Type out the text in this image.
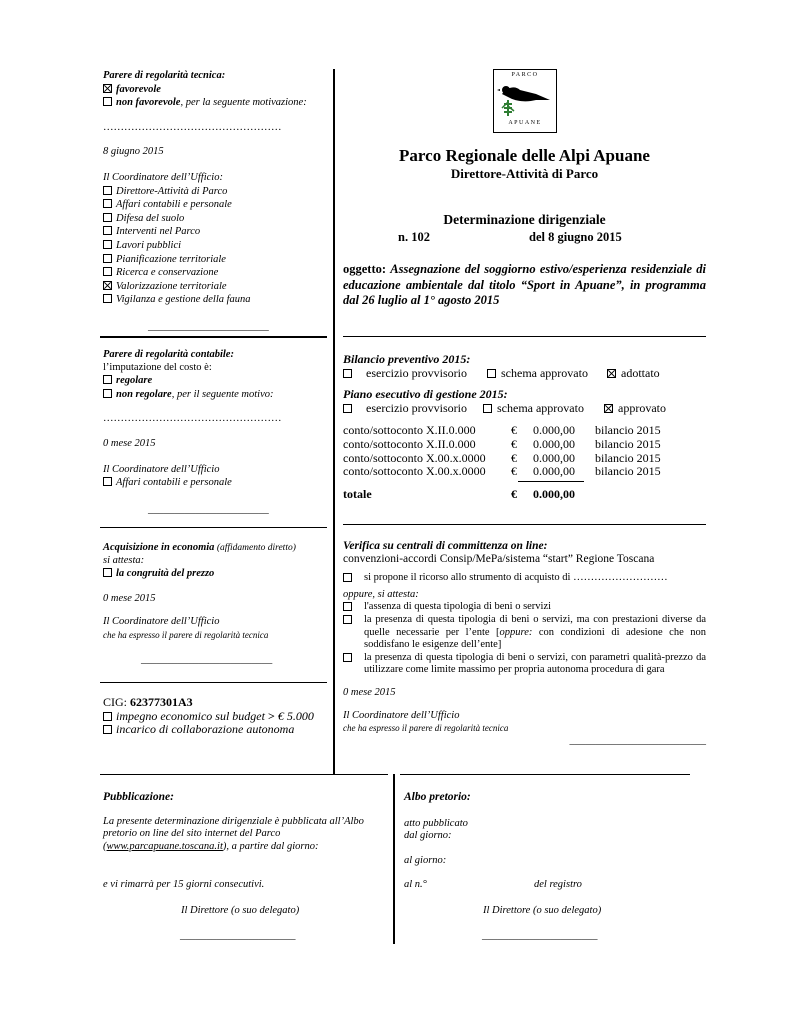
Parere di regolarità tecnica:
favorevole
non favorevole, per la seguente motivazione:
……………………………………………
8 giugno 2015
Il Coordinatore dell’Ufficio:
Direttore-Attività di Parco
Affari contabili e personale
Difesa del suolo
Interventi nel Parco
Lavori pubblici
Pianificazione territoriale
Ricerca e conservazione
Valorizzazione territoriale
Vigilanza e gestione della fauna
_______________________
Parere di regolarità contabile:
l’imputazione del costo è:
regolare
non regolare, per il seguente motivo:
……………………………………………
0 mese 2015
Il Coordinatore dell’Ufficio
Affari contabili e personale
_______________________
Acquisizione in economia (affidamento diretto)
si attesta:
la congruità del prezzo
0 mese 2015
Il Coordinatore dell’Ufficio
che ha espresso il parere di regolarità tecnica
_________________________
CIG: 62377301A3
impegno economico sul budget > € 5.000
incarico di collaborazione autonoma
PARCO
APUANE
Parco Regionale delle Alpi Apuane
Direttore-Attività di Parco
Determinazione dirigenziale
n. 102	del 8 giugno 2015
oggetto: Assegnazione del soggiorno estivo/esperienza residenziale di educazione ambientale dal titolo “Sport in Apuane”, in programma dal 26 luglio al 1° agosto 2015
Bilancio preventivo 2015:
esercizio provvisorio	schema approvato	adottato
Piano esecutivo di gestione 2015:
esercizio provvisorio	schema approvato	approvato
conto/sottoconto X.II.0.000	€	0.000,00	bilancio 2015
conto/sottoconto X.II.0.000	€	0.000,00	bilancio 2015
conto/sottoconto X.00.x.0000	€	0.000,00	bilancio 2015
conto/sottoconto X.00.x.0000	€	0.000,00	bilancio 2015
totale	€	0.000,00
Verifica su centrali di committenza on line:
convenzioni-accordi Consip/MePa/sistema “start” Regione Toscana
si propone il ricorso allo strumento di acquisto di ………………………
oppure, si attesta:
l'assenza di questa tipologia di beni o servizi
la presenza di questa tipologia di beni o servizi, ma con prestazioni diverse da quelle necessarie per l’ente [oppure: con condizioni di adesione che non soddisfano le esigenze dell’ente]
la presenza di questa tipologia di beni o servizi, con parametri qualità-prezzo da utilizzare come limite massimo per propria autonoma procedura di gara
0 mese 2015
Il Coordinatore dell’Ufficio
che ha espresso il parere di regolarità tecnica
__________________________
Pubblicazione:
La presente determinazione dirigenziale è pubblicata all’Albo pretorio on line del sito internet del Parco (www.parcapuane.toscana.it), a partire dal giorno:
e vi rimarrà per 15 giorni consecutivi.
Il Direttore (o suo delegato)
______________________
Albo pretorio:
atto pubblicato
dal giorno:
al giorno:
al n.°	del registro
Il Direttore (o suo delegato)
______________________
